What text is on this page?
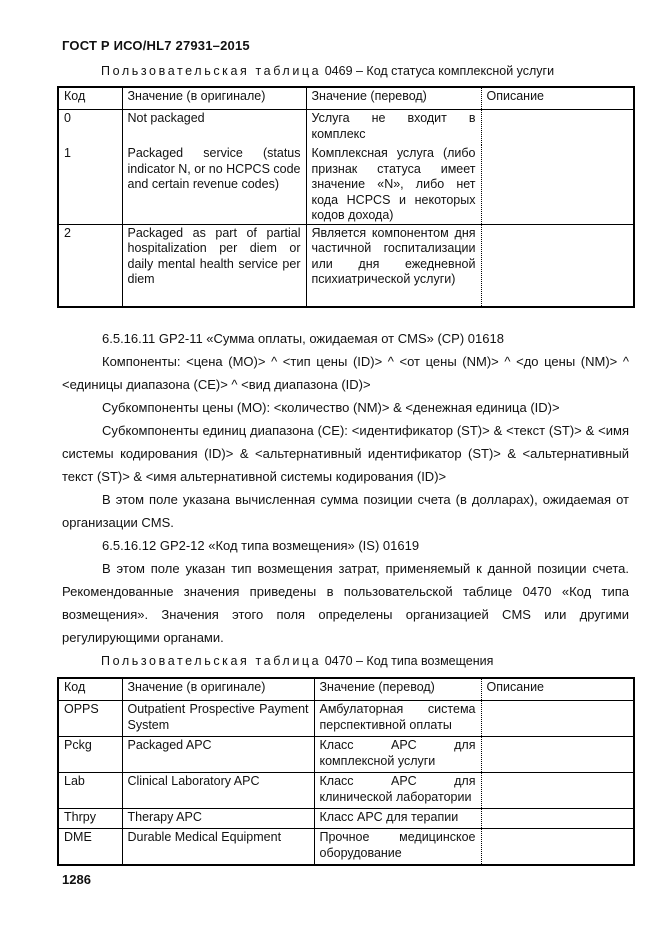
ГОСТ Р ИСО/HL7 27931–2015
Пользовательская таблица 0469 – Код статуса комплексной услуги
Код	Значение (в оригинале)	Значение (перевод)	Описание
0	Not packaged	Услуга не входит в комплекс	
1	Packaged service (status indicator N, or no HCPCS code and certain revenue codes)	Комплексная услуга (либо признак статуса имеет значение «N», либо нет кода HCPCS и некоторых кодов дохода)	
2	Packaged as part of partial hospitalization per diem or daily mental health service per diem	Является компонентом дня частичной госпитализации или дня ежедневной психиатрической услуги)	

6.5.16.11 GP2-11 «Сумма оплаты, ожидаемая от CMS» (CP) 01618

Компоненты: <цена (MO)> ^ <тип цены (ID)> ^ <от цены (NM)> ^ <до цены (NM)> ^ <единицы диапазона (CE)> ^ <вид диапазона (ID)>

Субкомпоненты цены (MO): <количество (NM)> & <денежная единица (ID)>

Субкомпоненты единиц диапазона (CE): <идентификатор (ST)> & <текст (ST)> & <имя системы кодирования (ID)> & <альтернативный идентификатор (ST)> & <альтернативный текст (ST)> & <имя альтернативной системы кодирования (ID)>

В этом поле указана вычисленная сумма позиции счета (в долларах), ожидаемая от организации CMS.

6.5.16.12 GP2-12 «Код типа возмещения» (IS) 01619

В этом поле указан тип возмещения затрат, применяемый к данной позиции счета. Рекомендованные значения приведены в пользовательской таблице 0470 «Код типа возмещения». Значения этого поля определены организацией CMS или другими регулирующими органами.

Пользовательская таблица 0470 – Код типа возмещения
Код	Значение (в оригинале)	Значение (перевод)	Описание
OPPS	Outpatient Prospective Payment System	Амбулаторная система перспективной оплаты	
Pckg	Packaged APC	Класс APC для комплексной услуги	
Lab	Clinical Laboratory APC	Класс APC для клинической лаборатории	
Thrpy	Therapy APC	Класс APC для терапии	
DME	Durable Medical Equipment	Прочное медицинское оборудование	
1286
